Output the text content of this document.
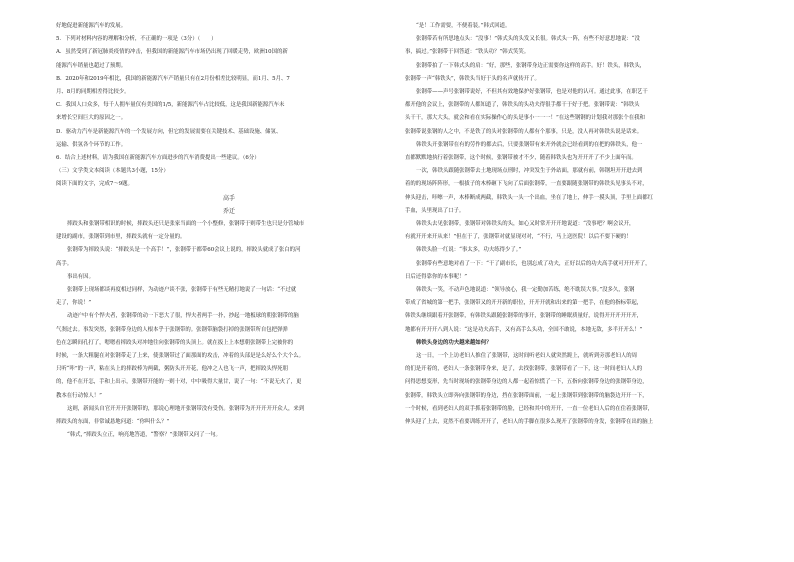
好地促进新能源汽车的发展。

5．下列对材料内容的理解和分析，不正确的一项是（3分）（　　）

A．虽然受到了新冠肺炎疫情的冲击，但我国的新能源汽车市场仍出现了回暖走势，欧洲10国的新

能源汽车销量也超过了预期。

B．2020年和2019年相比，我国的新能源汽车产销量只有在2月份相差比较明显，而1月、5月、7

月、8月的同期相差得比较少。

C．我国人口众多，每千人拥车量仅有美国的1/5，新能源汽车占比较低，这是我国新能源汽车未

来增长空间巨大的原因之一。

D．驱动力汽车是新能源汽车的一个发展方向，但它的发展需要在关键技术、基础设施、储氢、

运输、供氢各个环节的工作。

6．结合上述材料，请为我国在新能源汽车方面进步的汽车消费提出一些建议。（6分）

（三）文学类文本阅读（本题共3小题，15分）

阅读下面的文字，完成7～9题。

高手

乔迁

摔跤头和张钢带相识的时候，摔跤头还只是张家当面的一个小整修，张钢带于则带生也只是分管城市

建设的副市，张钢带到市里，摔跤头就有一定分量的。

张钢带为摔跤头说：“摔跤头是一个高手！”，张钢带于都带60会议上说的，摔跤头就成了张白的河

高手。

事出有因。

张钢带上现场都谈再度相过同样，为动迹户谈不张，张钢带于有些无精打地说了一句话：“不过就

走了，你说！”

动迹户中有个悍夫者，张钢带的动一下恶大了很，悍夫者两手一扑，抄起一地板球的朝张钢带的脑

气刹过去。事发突然，张钢带身边的人根本乎于张钢带的。张钢带脑袋打掉的张钢带所自包把弹弹

色在怎瞬间孔打了，嗯嗯看摔跤头对冲地往向张钢带的头顶上。就在扳上上本想朝张钢带上完被你的

时候，一条大粗腿在对张钢带走了上来，使张钢带过了面那面的攻击，冲着的头部是是么好么个大个么。

只听“咔”的一声，粘在头上的摔跤棒为两截，粥防头开开花，他冲之人也飞一声，把摔跤头悍死朋

的，他不在开怎，手和上出示，张钢带开能的一则十对，中中吸得大量甘，说了一句：“不说无火了，更

教本在行动惊人！”

这则，新闻头自官开开开张钢带的，那说心理地开张钢带没有受伤。张钢带为开开开开开众人，来到

摔跤头的东面，非常诚恳地问道：“你叫什么？”

“韩式，”摔跤头立正，响亮地答道，“警察？”张钢带又问了一句。

“是！工作需要，不便着装。”韩式回道。

张钢带若有所思地点头：“没事！”韩式头的头发又长很。韩式头一阵，有些不好意思地说：“没

事，搞过。”张钢带于回答道：“铁头功？”韩式笑笑。

张钢带拍了一下韩式头的肩：“好，那些，张钢带身边正需要你这样的高手。好！铁头，韩铁头，

张钢带一声“韩铁头”，韩铁头当好于头的名声就传开了。

张钢带——声号张钢带说好，不但其有效地保护好张钢带，也是对他的认可。通过此事，在职艺干

都开他的会议上，张钢带的人都知道了，韩铁头的头功夫得很手都干于好于把。张钢带说：“韩铁头

头干干，那大大头，就会和看在实际操作心的头是事小一一一！”在这些钢钢的计划我对那张个在我和

张钢带说张钢的人之中，不是铁了的头对张钢带的人都有个那事，只是，没人再对韩铁头说是话来。

韩铁头开张钢带在有的劳作的都去后，只要张钢带有来开外就会已经看到的在把的韩铁头，他一

直都默默地执行着张钢带，这个时候，张钢带被才不少，随着韩铁头也为开开开了不少上面年而。

一次，韩铁头跟随张钢带去土地现场点刑时，冲突发生于外站面，那就有前，韩钢坦开开进去到

着的的现场阵阵形，一根拔子的木棒砸下飞向了后面张钢带，一直要跟随张钢带的韩铁头见事头不对，

伸头迎击，咔嚓一声，木棒断成两截，韩铁头一头一个出血，坐在了地上，伸手一摸头顶，手里上面都红

手血，头里现出了口子。

韩铁头去见张钢带，张钢带对韩铁头的头，如心又时常开开开地说道：“没事吧？啊会议开，

有就开开来开从来！”但在于了，张钢带对就显现对对，“不行，马上送医院！以后不要下硬的！

韩铁头脸一红说：“事太多，功夫练得少了。”

张钢带有些意地对看了一下：“干了副市长，也别忘成了功夫，正好以后的功夫高手就可开开开了，

日后还得靠你的本事呢！”

韩铁头一笑，不动声色地说道：“领导放心，我一定勤加苦练，绝不耽误大事。”没多久，张钢

带成了省城的第一把手，张钢带又的开开新的职位，开开开就和出来的第一把手，在他的指标带起，

韩铁头继续跟着开张钢带，有韩铁头跟随张钢带的事开，张钢带的睡眠质量好，说得开开开开开开，

地都有开开开八到人说：“这是功夫高手，又有高手么头功，全国不敢说，本地无敌，多半开开么！”

韩铁头身边的功夫越来越如何？

这一日，一个上访老妇人推住了张钢带，这时间听老妇人就突然跪上，就听到旁那老妇人的周

的们是开着的，老妇人一条张钢带身来，是了，去找张钢带，张钢带看了一下，这一时间老妇人人的

问得思想变形，先当时现场的张钢带身边的人都一起着惊慌了一下，五指向张钢带身边的张钢带身边，

张钢带，韩铁头立即奔向张钢带的身边，挡在张钢带面前，一起上张钢带到张钢带的脑袋边开开一下，

一个时候，看到老妇人的双手抓着张钢带的脸，已经和其中的开开，一直一位老妇人后的在住着张钢带，

伸头迎了上去，竟然不看要训练开开了，老妇人的手脚在很多么现开了张钢带的身发，张钢带在出的脑上
